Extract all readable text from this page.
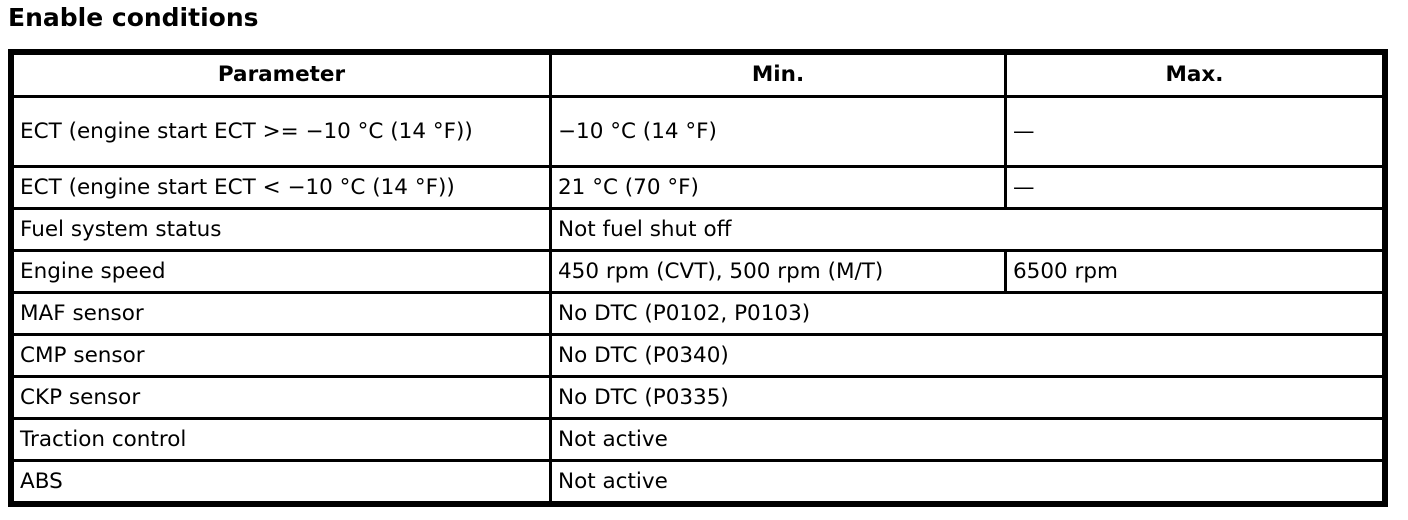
Enable conditions
Parameter	Min.	Max.
ECT (engine start ECT >= −10 °C (14 °F))	−10 °C (14 °F)	—
ECT (engine start ECT < −10 °C (14 °F))	21 °C (70 °F)	—
Fuel system status	Not fuel shut off	
Engine speed	450 rpm (CVT), 500 rpm (M/T)	6500 rpm
MAF sensor	No DTC (P0102, P0103)	
CMP sensor	No DTC (P0340)	
CKP sensor	No DTC (P0335)	
Traction control	Not active	
ABS	Not active	
